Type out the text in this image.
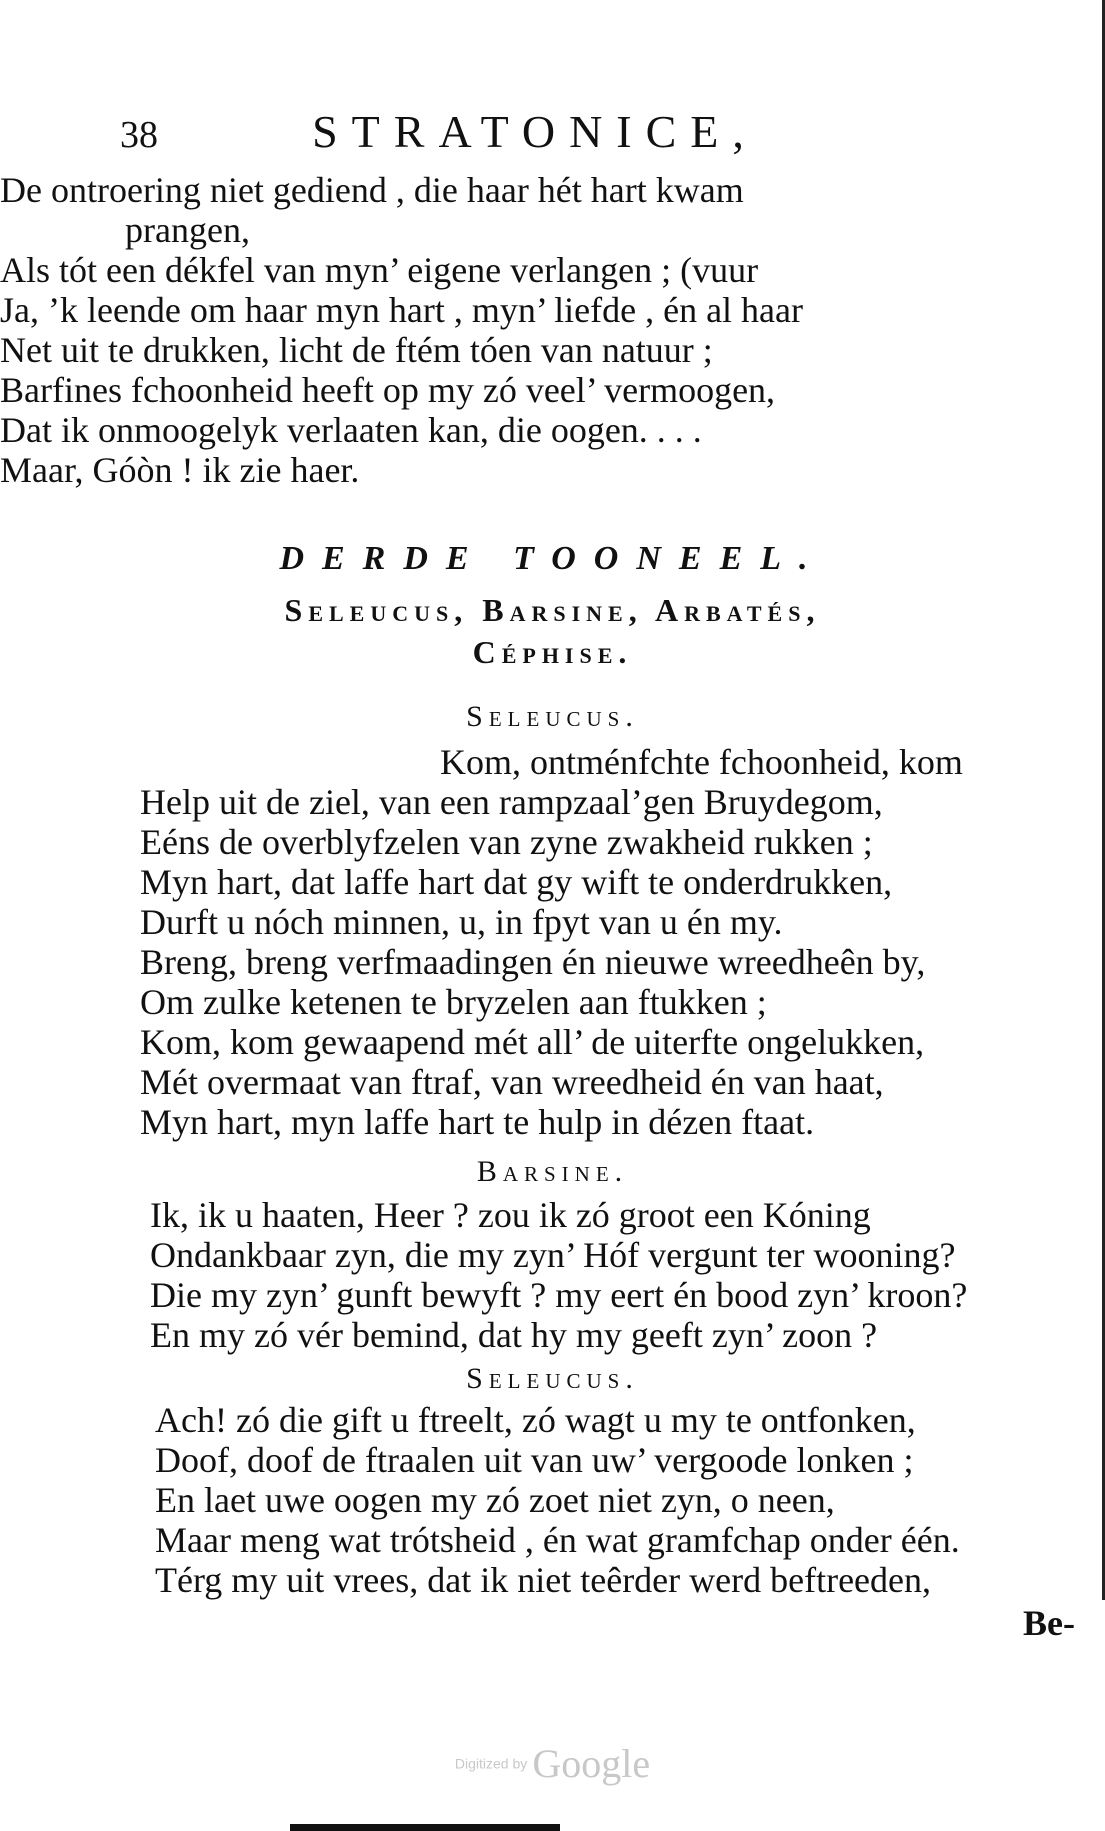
38	STRATONICE,
De ontroering niet gediend , die haar hét hart kwam
prangen,
Als tót een dékfel van myn’ eigene verlangen ; (vuur
Ja, ’k leende om haar myn hart , myn’ liefde , én al haar
Net uit te drukken, licht de ftém tóen van natuur ;
Barfines fchoonheid heeft op my zó veel’ vermoogen,
Dat ik onmoogelyk verlaaten kan, die oogen. . . .
Maar, Góòn ! ik zie haer.
DERDE TOONEEL.
Seleucus, Barsine, Arbatés,
Céphise.
Seleucus.
Kom, ontménfchte fchoonheid, kom
Help uit de ziel, van een rampzaal’gen Bruydegom,
Eéns de overblyfzelen van zyne zwakheid rukken ;
Myn hart, dat laffe hart dat gy wift te onderdrukken,
Durft u nóch minnen, u, in fpyt van u én my.
Breng, breng verfmaadingen én nieuwe wreedheên by,
Om zulke ketenen te bryzelen aan ftukken ;
Kom, kom gewaapend mét all’ de uiterfte ongelukken,
Mét overmaat van ftraf, van wreedheid én van haat,
Myn hart, myn laffe hart te hulp in dézen ftaat.
Barsine.
Ik, ik u haaten, Heer ? zou ik zó groot een Kóning
Ondankbaar zyn, die my zyn’ Hóf vergunt ter wooning?
Die my zyn’ gunft bewyft ? my eert én bood zyn’ kroon?
En my zó vér bemind, dat hy my geeft zyn’ zoon ?
Seleucus.
Ach! zó die gift u ftreelt, zó wagt u my te ontfonken,
Doof, doof de ftraalen uit van uw’ vergoode lonken ;
En laet uwe oogen my zó zoet niet zyn, o neen,
Maar meng wat trótsheid , én wat gramfchap onder één.
Térg my uit vrees, dat ik niet teêrder werd beftreeden,
Be-
Digitized by Google
